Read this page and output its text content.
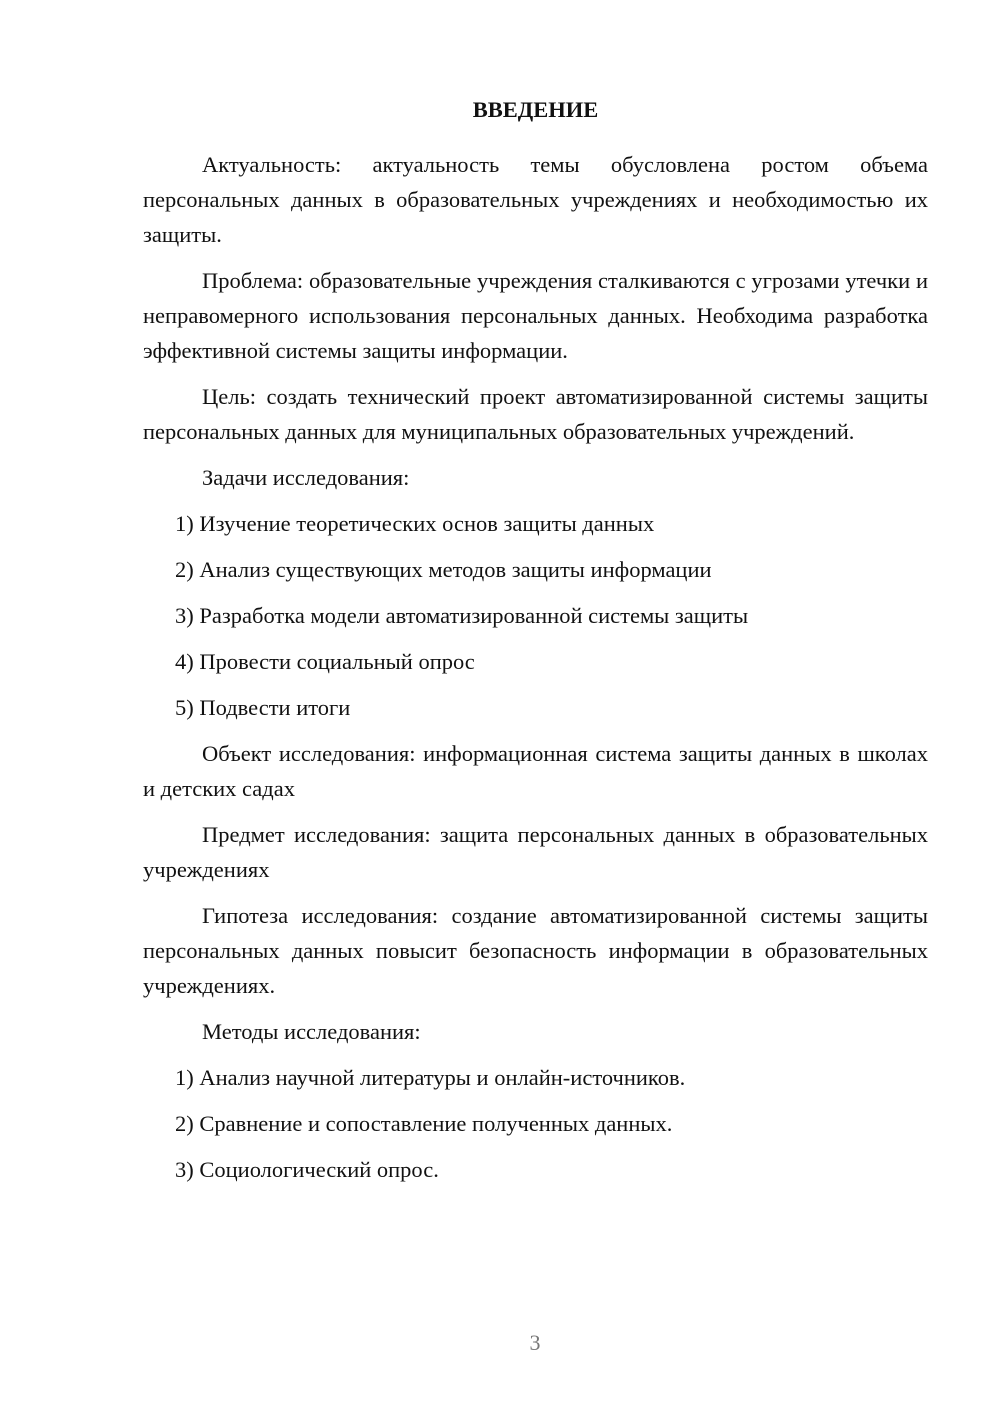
ВВЕДЕНИЕ

Актуальность: актуальность темы обусловлена ростом объема персональных данных в образовательных учреждениях и необходимостью их защиты.

Проблема: образовательные учреждения сталкиваются с угрозами утечки и неправомерного использования персональных данных. Необходима разработка эффективной системы защиты информации.

Цель: создать технический проект автоматизированной системы защиты персональных данных для муниципальных образовательных учреждений.

Задачи исследования:

1) Изучение теоретических основ защиты данных
2) Анализ существующих методов защиты информации
3) Разработка модели автоматизированной системы защиты
4) Провести социальный опрос
5) Подвести итоги

Объект исследования: информационная система защиты данных в школах и детских садах

Предмет исследования: защита персональных данных в образовательных учреждениях

Гипотеза исследования: создание автоматизированной системы защиты персональных данных повысит безопасность информации в образовательных учреждениях.

Методы исследования:

1) Анализ научной литературы и онлайн-источников.
2) Сравнение и сопоставление полученных данных.
3) Социологический опрос.
3
